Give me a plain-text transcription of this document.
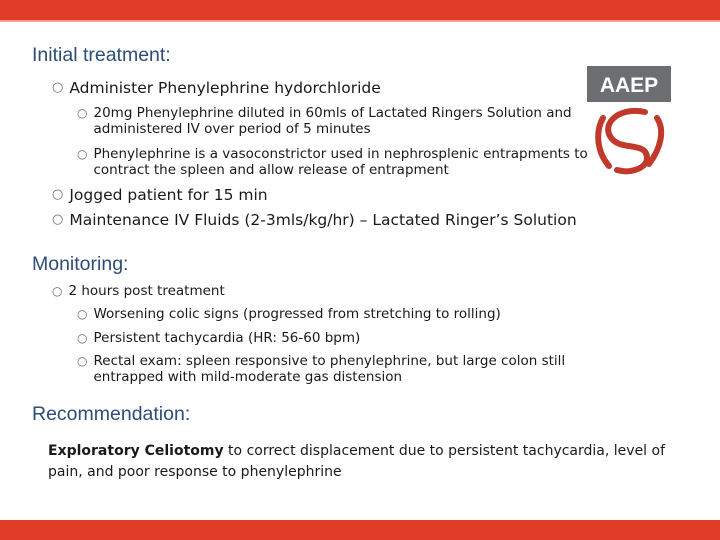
Initial treatment:
○ Administer Phenylephrine hydorchloride
○ 20mg Phenylephrine diluted in 60mls of Lactated Ringers Solution and administered IV over period of 5 minutes
○ Phenylephrine is a vasoconstrictor used in nephrosplenic entrapments to contract the spleen and allow release of entrapment
○ Jogged patient for 15 min
○ Maintenance IV Fluids (2-3mls/kg/hr) – Lactated Ringer’s Solution
Monitoring:
○ 2 hours post treatment
○ Worsening colic signs (progressed from stretching to rolling)
○ Persistent tachycardia (HR: 56-60 bpm)
○ Rectal exam: spleen responsive to phenylephrine, but large colon still entrapped with mild-moderate gas distension
Recommendation:
Exploratory Celiotomy to correct displacement due to persistent tachycardia, level of pain, and poor response to phenylephrine
AAEP
